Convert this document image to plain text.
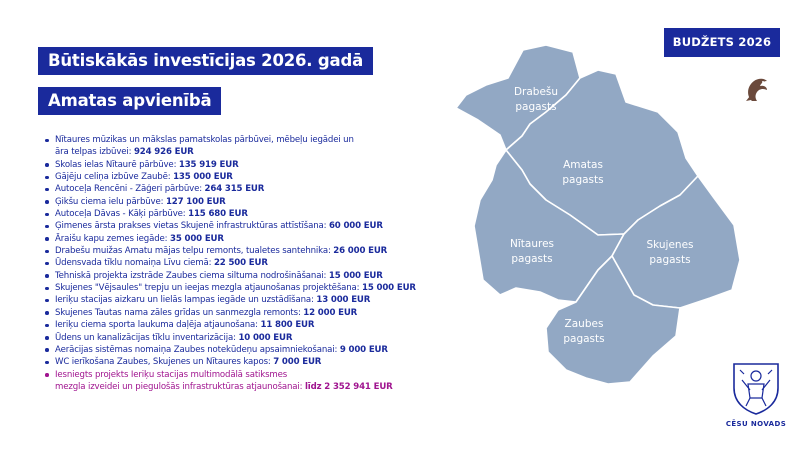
Būtiskākās investīcijas 2026. gadā
Amatas apvienībā
BUDŽETS 2026
Nītaures mūzikas un mākslas pamatskolas pārbūvei, mēbeļu iegādei un
āra telpas izbūvei: 924 926 EUR
Skolas ielas Nītaurē pārbūve: 135 919 EUR
Gājēju celiņa izbūve Zaubē: 135 000 EUR
Autoceļa Rencēni - Zāģeri pārbūve: 264 315 EUR
Ģikšu ciema ielu pārbūve: 127 100 EUR
Autoceļa Dāvas - Kāķi pārbūve: 115 680 EUR
Ģimenes ārsta prakses vietas Skujenē infrastruktūras attīstīšana: 60 000 EUR
Āraišu kapu zemes iegāde: 35 000 EUR
Drabešu muižas Amatu mājas telpu remonts, tualetes santehnika: 26 000 EUR
Ūdensvada tīklu nomaiņa Līvu ciemā: 22 500 EUR
Tehniskā projekta izstrāde Zaubes ciema siltuma nodrošināšanai: 15 000 EUR
Skujenes "Vējsaules" trepju un ieejas mezgla atjaunošanas projektēšana: 15 000 EUR
Ieriķu stacijas aizkaru un lielās lampas iegāde un uzstādīšana: 13 000 EUR
Skujenes Tautas nama zāles grīdas un sanmezgla remonts: 12 000 EUR
Ieriķu ciema sporta laukuma daļēja atjaunošana: 11 800 EUR
Ūdens un kanalizācijas tīklu inventarizācija: 10 000 EUR
Aerācijas sistēmas nomaiņa Zaubes notekūdeņu apsaimniekošanai: 9 000 EUR
WC ierīkošana Zaubes, Skujenes un Nītaures kapos: 7 000 EUR
Iesniegts projekts Ieriķu stacijas multimodālā satiksmes
mezgla izveidei un piegulošās infrastruktūras atjaunošanai: līdz 2 352 941 EUR
Drabešu
pagasts
Amatas
pagasts
Nītaures
pagasts
Skujenes
pagasts
Zaubes
pagasts
CĒSU NOVADS
